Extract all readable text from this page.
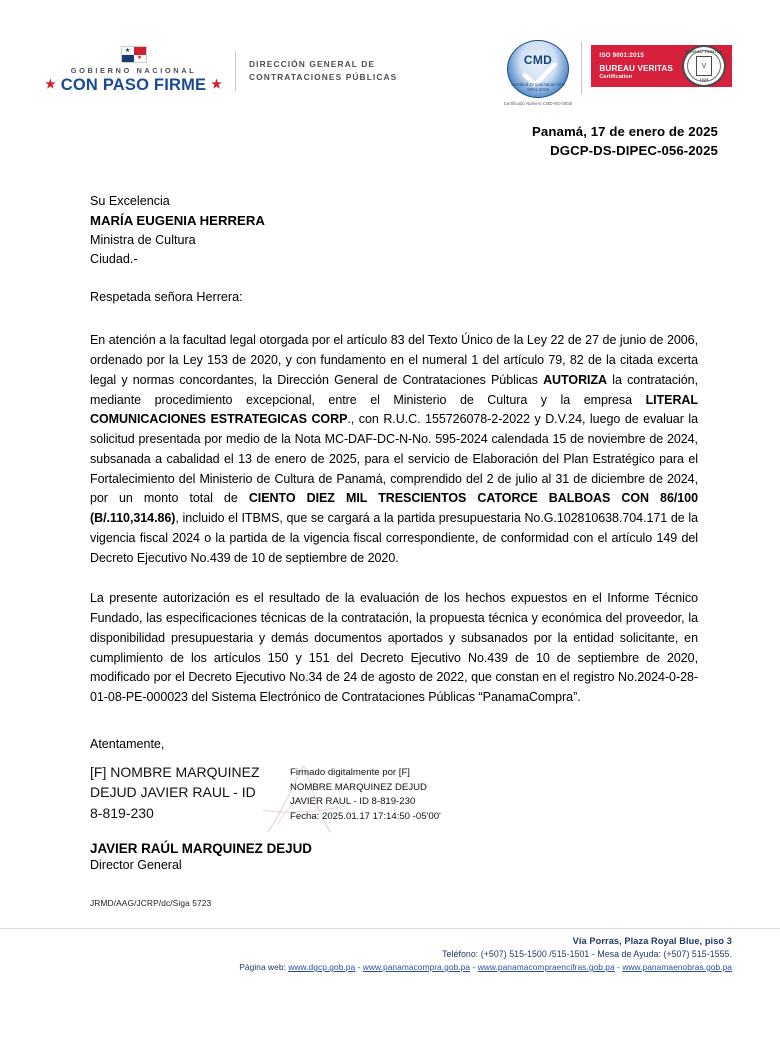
★
★
GOBIERNO NACIONAL
★ CON PASO FIRME ★
DIRECCIÓN GENERAL DE
CONTRATACIONES PÚBLICAS
CMD
Certified Organization ISO 9001:2015
Certificado Número CMD-9G-0003I
ISO 9001:2015
BUREAU VERITAS
Certification
BUREAU VERITAS
V
1828
Panamá, 17 de enero de 2025
DGCP-DS-DIPEC-056-2025
Su Excelencia
MARÍA EUGENIA HERRERA
Ministra de Cultura
Ciudad.-
Respetada señora Herrera:
En atención a la facultad legal otorgada por el artículo 83 del Texto Único de la Ley 22 de 27 de junio de 2006, ordenado por la Ley 153 de 2020, y con fundamento en el numeral 1 del artículo 79, 82 de la citada excerta legal y normas concordantes, la Dirección General de Contrataciones Públicas AUTORIZA la contratación, mediante procedimiento excepcional, entre el Ministerio de Cultura y la empresa LITERAL COMUNICACIONES ESTRATEGICAS CORP., con R.U.C. 155726078-2-2022 y D.V.24, luego de evaluar la solicitud presentada por medio de la Nota MC-DAF-DC-N-No. 595-2024 calendada 15 de noviembre de 2024, subsanada a cabalidad el 13 de enero de 2025, para el servicio de Elaboración del Plan Estratégico para el Fortalecimiento del Ministerio de Cultura de Panamá, comprendido del 2 de julio al 31 de diciembre de 2024, por un monto total de CIENTO DIEZ MIL TRESCIENTOS CATORCE BALBOAS CON 86/100 (B/.110,314.86), incluido el ITBMS, que se cargará a la partida presupuestaria No.G.102810638.704.171 de la vigencia fiscal 2024 o la partida de la vigencia fiscal correspondiente, de conformidad con el artículo 149 del Decreto Ejecutivo No.439 de 10 de septiembre de 2020.
La presente autorización es el resultado de la evaluación de los hechos expuestos en el Informe Técnico Fundado, las especificaciones técnicas de la contratación, la propuesta técnica y económica del proveedor, la disponibilidad presupuestaria y demás documentos aportados y subsanados por la entidad solicitante, en cumplimiento de los artículos 150 y 151 del Decreto Ejecutivo No.439 de 10 de septiembre de 2020, modificado por el Decreto Ejecutivo No.34 de 24 de agosto de 2022, que constan en el registro No.2024-0-28-01-08-PE-000023 del Sistema Electrónico de Contrataciones Públicas “PanamaCompra”.
Atentamente,
[F] NOMBRE MARQUINEZ
DEJUD JAVIER RAUL - ID
8-819-230
Firmado digitalmente por [F]
NOMBRE MARQUINEZ DEJUD
JAVIER RAUL - ID 8-819-230
Fecha: 2025.01.17 17:14:50 -05'00'
JAVIER RAÚL MARQUINEZ DEJUD
Director General
JRMD/AAG/JCRP/dc/Siga 5723
Vía Porras, Plaza Royal Blue, piso 3
Teléfono: (+507) 515-1500 /515-1501 - Mesa de Ayuda: (+507) 515-1555.
Página web: www.dgcp.gob.pa - www.panamacompra.gob.pa - www.panamacompraencifras.gob.pa - www.panamaenobras.gob.pa
